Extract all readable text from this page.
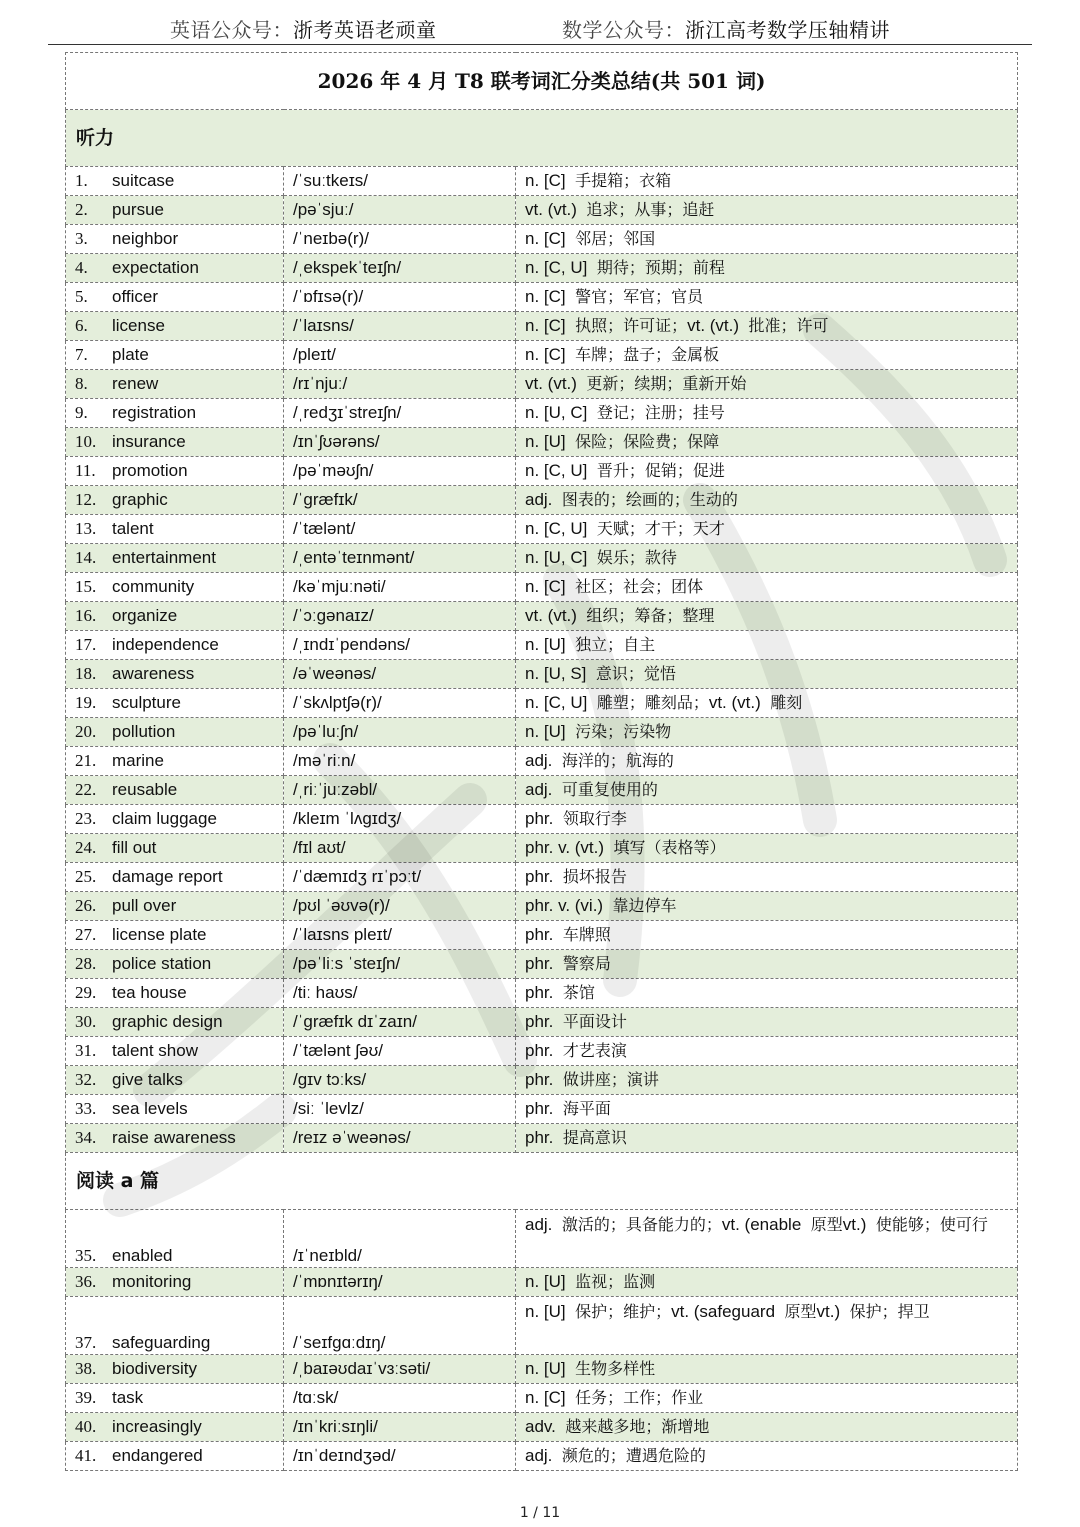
英语公众号：浙考英语老顽童	数学公众号：浙江高考数学压轴精讲
2026 年 4 月 T8 联考词汇分类总结(共 501 词)		
听力		
1. suitcase	/ˈsuːtkeɪs/	n. [C] 手提箱；衣箱
2. pursue	/pəˈsjuː/	vt. (vt.) 追求；从事；追赶
3. neighbor	/ˈneɪbə(r)/	n. [C] 邻居；邻国
4. expectation	/ˌekspekˈteɪʃn/	n. [C, U] 期待；预期；前程
5. officer	/ˈɒfɪsə(r)/	n. [C] 警官；军官；官员
6. license	/ˈlaɪsns/	n. [C] 执照；许可证；vt. (vt.) 批准；许可
7. plate	/pleɪt/	n. [C] 车牌；盘子；金属板
8. renew	/rɪˈnjuː/	vt. (vt.) 更新；续期；重新开始
9. registration	/ˌredʒɪˈstreɪʃn/	n. [U, C] 登记；注册；挂号
10. insurance	/ɪnˈʃʊərəns/	n. [U] 保险；保险费；保障
11. promotion	/pəˈməʊʃn/	n. [C, U] 晋升；促销；促进
12. graphic	/ˈɡræfɪk/	adj. 图表的；绘画的；生动的
13. talent	/ˈtælənt/	n. [C, U] 天赋；才干；天才
14. entertainment	/ˌentəˈteɪnmənt/	n. [U, C] 娱乐；款待
15. community	/kəˈmjuːnəti/	n. [C] 社区；社会；团体
16. organize	/ˈɔːɡənaɪz/	vt. (vt.) 组织；筹备；整理
17. independence	/ˌɪndɪˈpendəns/	n. [U] 独立；自主
18. awareness	/əˈweənəs/	n. [U, S] 意识；觉悟
19. sculpture	/ˈskʌlptʃə(r)/	n. [C, U] 雕塑；雕刻品；vt. (vt.) 雕刻
20. pollution	/pəˈluːʃn/	n. [U] 污染；污染物
21. marine	/məˈriːn/	adj. 海洋的；航海的
22. reusable	/ˌriːˈjuːzəbl/	adj. 可重复使用的
23. claim luggage	/kleɪm ˈlʌɡɪdʒ/	phr. 领取行李
24. fill out	/fɪl aʊt/	phr. v. (vt.) 填写（表格等）
25. damage report	/ˈdæmɪdʒ rɪˈpɔːt/	phr. 损坏报告
26. pull over	/pʊl ˈəʊvə(r)/	phr. v. (vi.) 靠边停车
27. license plate	/ˈlaɪsns pleɪt/	phr. 车牌照
28. police station	/pəˈliːs ˈsteɪʃn/	phr. 警察局
29. tea house	/tiː haʊs/	phr. 茶馆
30. graphic design	/ˈɡræfɪk dɪˈzaɪn/	phr. 平面设计
31. talent show	/ˈtælənt ʃəʊ/	phr. 才艺表演
32. give talks	/ɡɪv tɔːks/	phr. 做讲座；演讲
33. sea levels	/siː ˈlevlz/	phr. 海平面
34. raise awareness	/reɪz əˈweənəs/	phr. 提高意识
阅读 a 篇		
35. enabled	/ɪˈneɪbld/	adj. 激活的；具备能力的；vt. (enable 原型vt.) 使能够；使可行
36. monitoring	/ˈmɒnɪtərɪŋ/	n. [U] 监视；监测
37. safeguarding	/ˈseɪfɡɑːdɪŋ/	n. [U] 保护；维护；vt. (safeguard 原型vt.) 保护；捍卫
38. biodiversity	/ˌbaɪəʊdaɪˈvɜːsəti/	n. [U] 生物多样性
39. task	/tɑːsk/	n. [C] 任务；工作；作业
40. increasingly	/ɪnˈkriːsɪŋli/	adv. 越来越多地；渐增地
41. endangered	/ɪnˈdeɪndʒəd/	adj. 濒危的；遭遇危险的
1 / 11
